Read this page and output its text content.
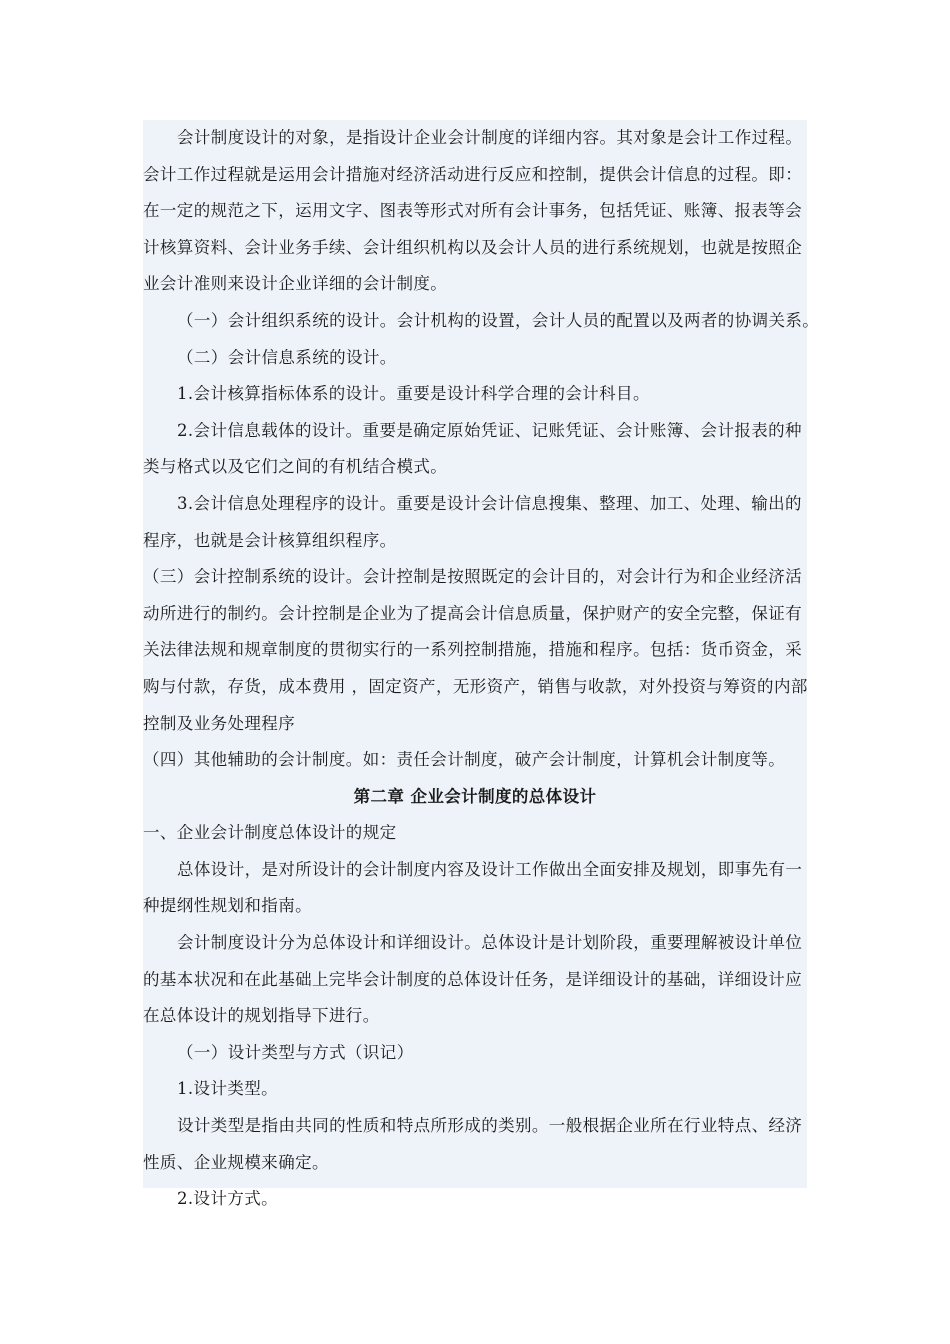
会计制度设计的对象，是指设计企业会计制度的详细内容。其对象是会计工作过程。

会计工作过程就是运用会计措施对经济活动进行反应和控制，提供会计信息的过程。即：

在一定的规范之下，运用文字、图表等形式对所有会计事务，包括凭证、账簿、报表等会

计核算资料、会计业务手续、会计组织机构以及会计人员的进行系统规划，也就是按照企

业会计准则来设计企业详细的会计制度。

（一）会计组织系统的设计。会计机构的设置，会计人员的配置以及两者的协调关系。

（二）会计信息系统的设计。

1.会计核算指标体系的设计。重要是设计科学合理的会计科目。

2.会计信息载体的设计。重要是确定原始凭证、记账凭证、会计账簿、会计报表的种

类与格式以及它们之间的有机结合模式。

3.会计信息处理程序的设计。重要是设计会计信息搜集、整理、加工、处理、输出的

程序，也就是会计核算组织程序。

（三）会计控制系统的设计。会计控制是按照既定的会计目的，对会计行为和企业经济活

动所进行的制约。会计控制是企业为了提高会计信息质量，保护财产的安全完整，保证有

关法律法规和规章制度的贯彻实行的一系列控制措施，措施和程序。包括：货币资金，采

购与付款，存货，成本费用 ，固定资产，无形资产，销售与收款，对外投资与筹资的内部

控制及业务处理程序

（四）其他辅助的会计制度。如：责任会计制度，破产会计制度，计算机会计制度等。

第二章 企业会计制度的总体设计

一、企业会计制度总体设计的规定

总体设计，是对所设计的会计制度内容及设计工作做出全面安排及规划，即事先有一

种提纲性规划和指南。

会计制度设计分为总体设计和详细设计。总体设计是计划阶段，重要理解被设计单位

的基本状况和在此基础上完毕会计制度的总体设计任务，是详细设计的基础，详细设计应

在总体设计的规划指导下进行。

（一）设计类型与方式（识记）

1.设计类型。

设计类型是指由共同的性质和特点所形成的类别。一般根据企业所在行业特点、经济

性质、企业规模来确定。

2.设计方式。
